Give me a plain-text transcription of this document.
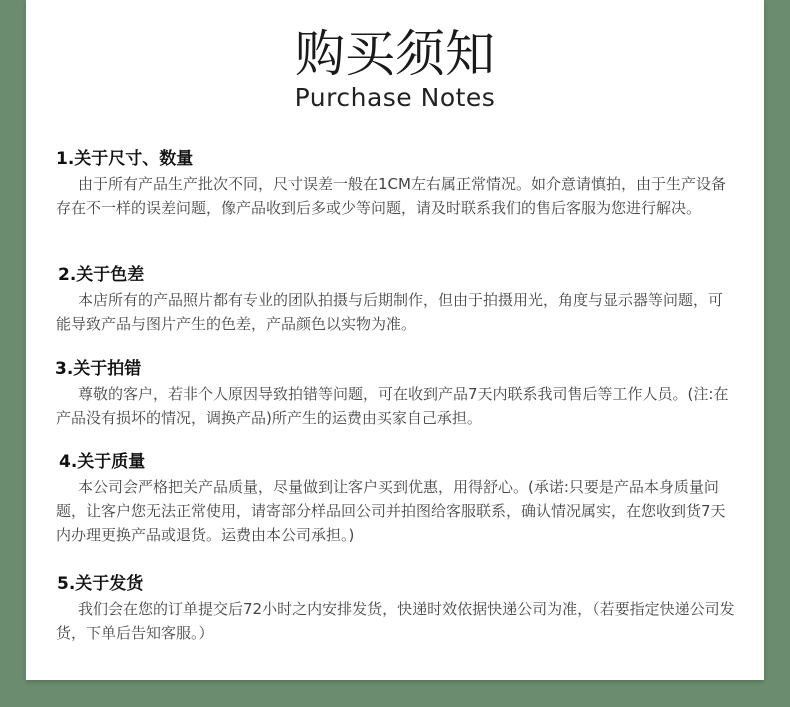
购买须知
Purchase Notes

1.关于尺寸、数量

由于所有产品生产批次不同，尺寸误差一般在1CM左右属正常情况。如介意请慎拍，由于生产设备存在不一样的误差问题，像产品收到后多或少等问题，请及时联系我们的售后客服为您进行解决。

2.关于色差

本店所有的产品照片都有专业的团队拍摄与后期制作，但由于拍摄用光，角度与显示器等问题，可能导致产品与图片产生的色差，产品颜色以实物为准。

3.关于拍错

尊敬的客户，若非个人原因导致拍错等问题，可在收到产品7天内联系我司售后等工作人员。(注:在产品没有损坏的情况，调换产品)所产生的运费由买家自己承担。

4.关于质量

本公司会严格把关产品质量，尽量做到让客户买到优惠，用得舒心。(承诺:只要是产品本身质量问题，让客户您无法正常使用，请寄部分样品回公司并拍图给客服联系，确认情况属实，在您收到货7天内办理更换产品或退货。运费由本公司承担。)

5.关于发货

我们会在您的订单提交后72小时之内安排发货，快递时效依据快递公司为准，（若要指定快递公司发货，下单后告知客服。）
